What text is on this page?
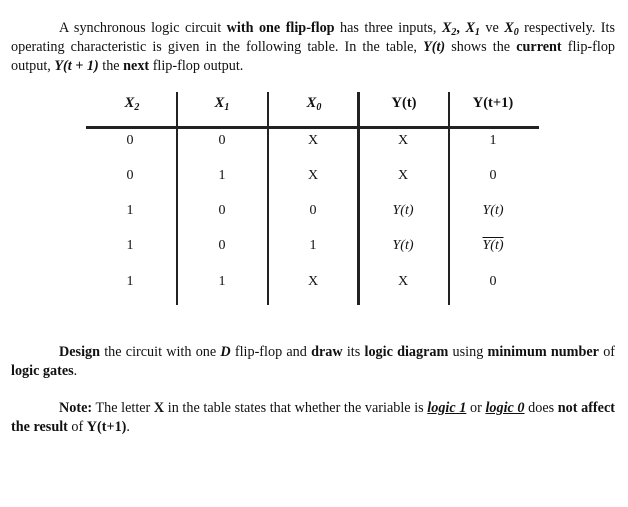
A synchronous logic circuit with one flip-flop has three inputs, $X_2$, $X_1$ ve $X_0$ respectively. Its operating characteristic is given in the following table. In the table, Y(t) shows the current flip-flop output, Y(t + 1) the next flip-flop output.

$X_2$	$X_1$	$X_0$	Y(t)	Y(t+1)
0	0	X	X	1
0	1	X	X	0
1	0	0	Y(t)	Y(t)
1	0	1	Y(t)	Y(t)
1	1	X	X	0

Design the circuit with one D flip-flop and draw its logic diagram using minimum number of logic gates.

Note: The letter X in the table states that whether the variable is logic 1 or logic 0 does not affect the result of Y(t+1).
